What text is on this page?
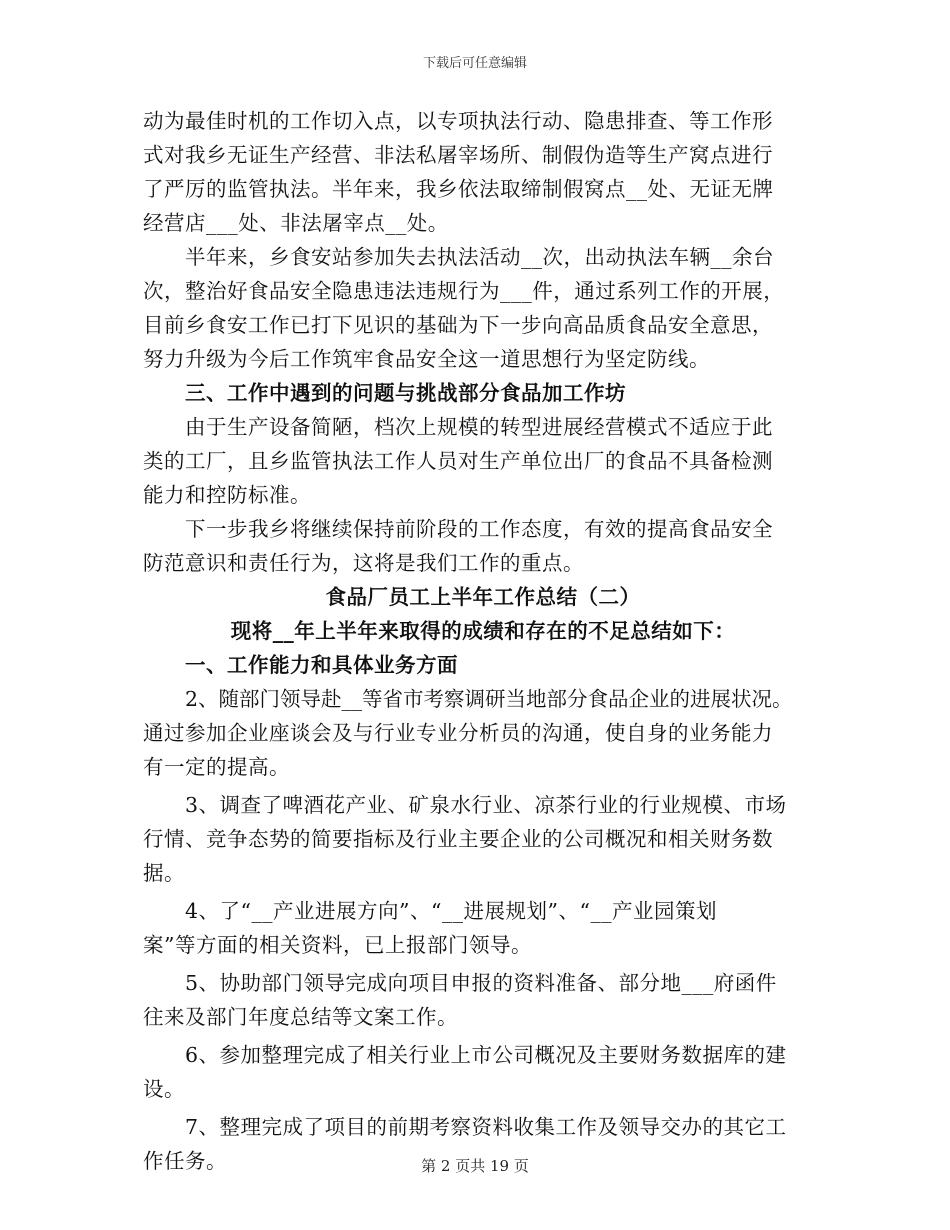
下载后可任意编辑
动为最佳时机的工作切入点，以专项执法行动、隐患排查、等工作形
式对我乡无证生产经营、非法私屠宰场所、制假伪造等生产窝点进行
了严厉的监管执法。半年来，我乡依法取缔制假窝点__处、无证无牌
经营店___处、非法屠宰点__处。
半年来，乡食安站参加失去执法活动__次，出动执法车辆__余台
次，整治好食品安全隐患违法违规行为___件，通过系列工作的开展，
目前乡食安工作已打下见识的基础为下一步向高品质食品安全意思，
努力升级为今后工作筑牢食品安全这一道思想行为坚定防线。
三、工作中遇到的问题与挑战部分食品加工作坊
由于生产设备简陋，档次上规模的转型进展经营模式不适应于此
类的工厂，且乡监管执法工作人员对生产单位出厂的食品不具备检测
能力和控防标准。
下一步我乡将继续保持前阶段的工作态度，有效的提高食品安全
防范意识和责任行为，这将是我们工作的重点。
食品厂员工上半年工作总结（二）
现将__年上半年来取得的成绩和存在的不足总结如下：
一、工作能力和具体业务方面
2、随部门领导赴__等省市考察调研当地部分食品企业的进展状况。
通过参加企业座谈会及与行业专业分析员的沟通，使自身的业务能力
有一定的提高。
3、调查了啤酒花产业、矿泉水行业、凉茶行业的行业规模、市场
行情、竞争态势的简要指标及行业主要企业的公司概况和相关财务数
据。
4、了“__产业进展方向”、“__进展规划”、“__产业园策划
案”等方面的相关资料，已上报部门领导。
5、协助部门领导完成向项目申报的资料准备、部分地___府函件
往来及部门年度总结等文案工作。
6、参加整理完成了相关行业上市公司概况及主要财务数据库的建
设。
7、整理完成了项目的前期考察资料收集工作及领导交办的其它工
作任务。	第 2 页共 19 页
